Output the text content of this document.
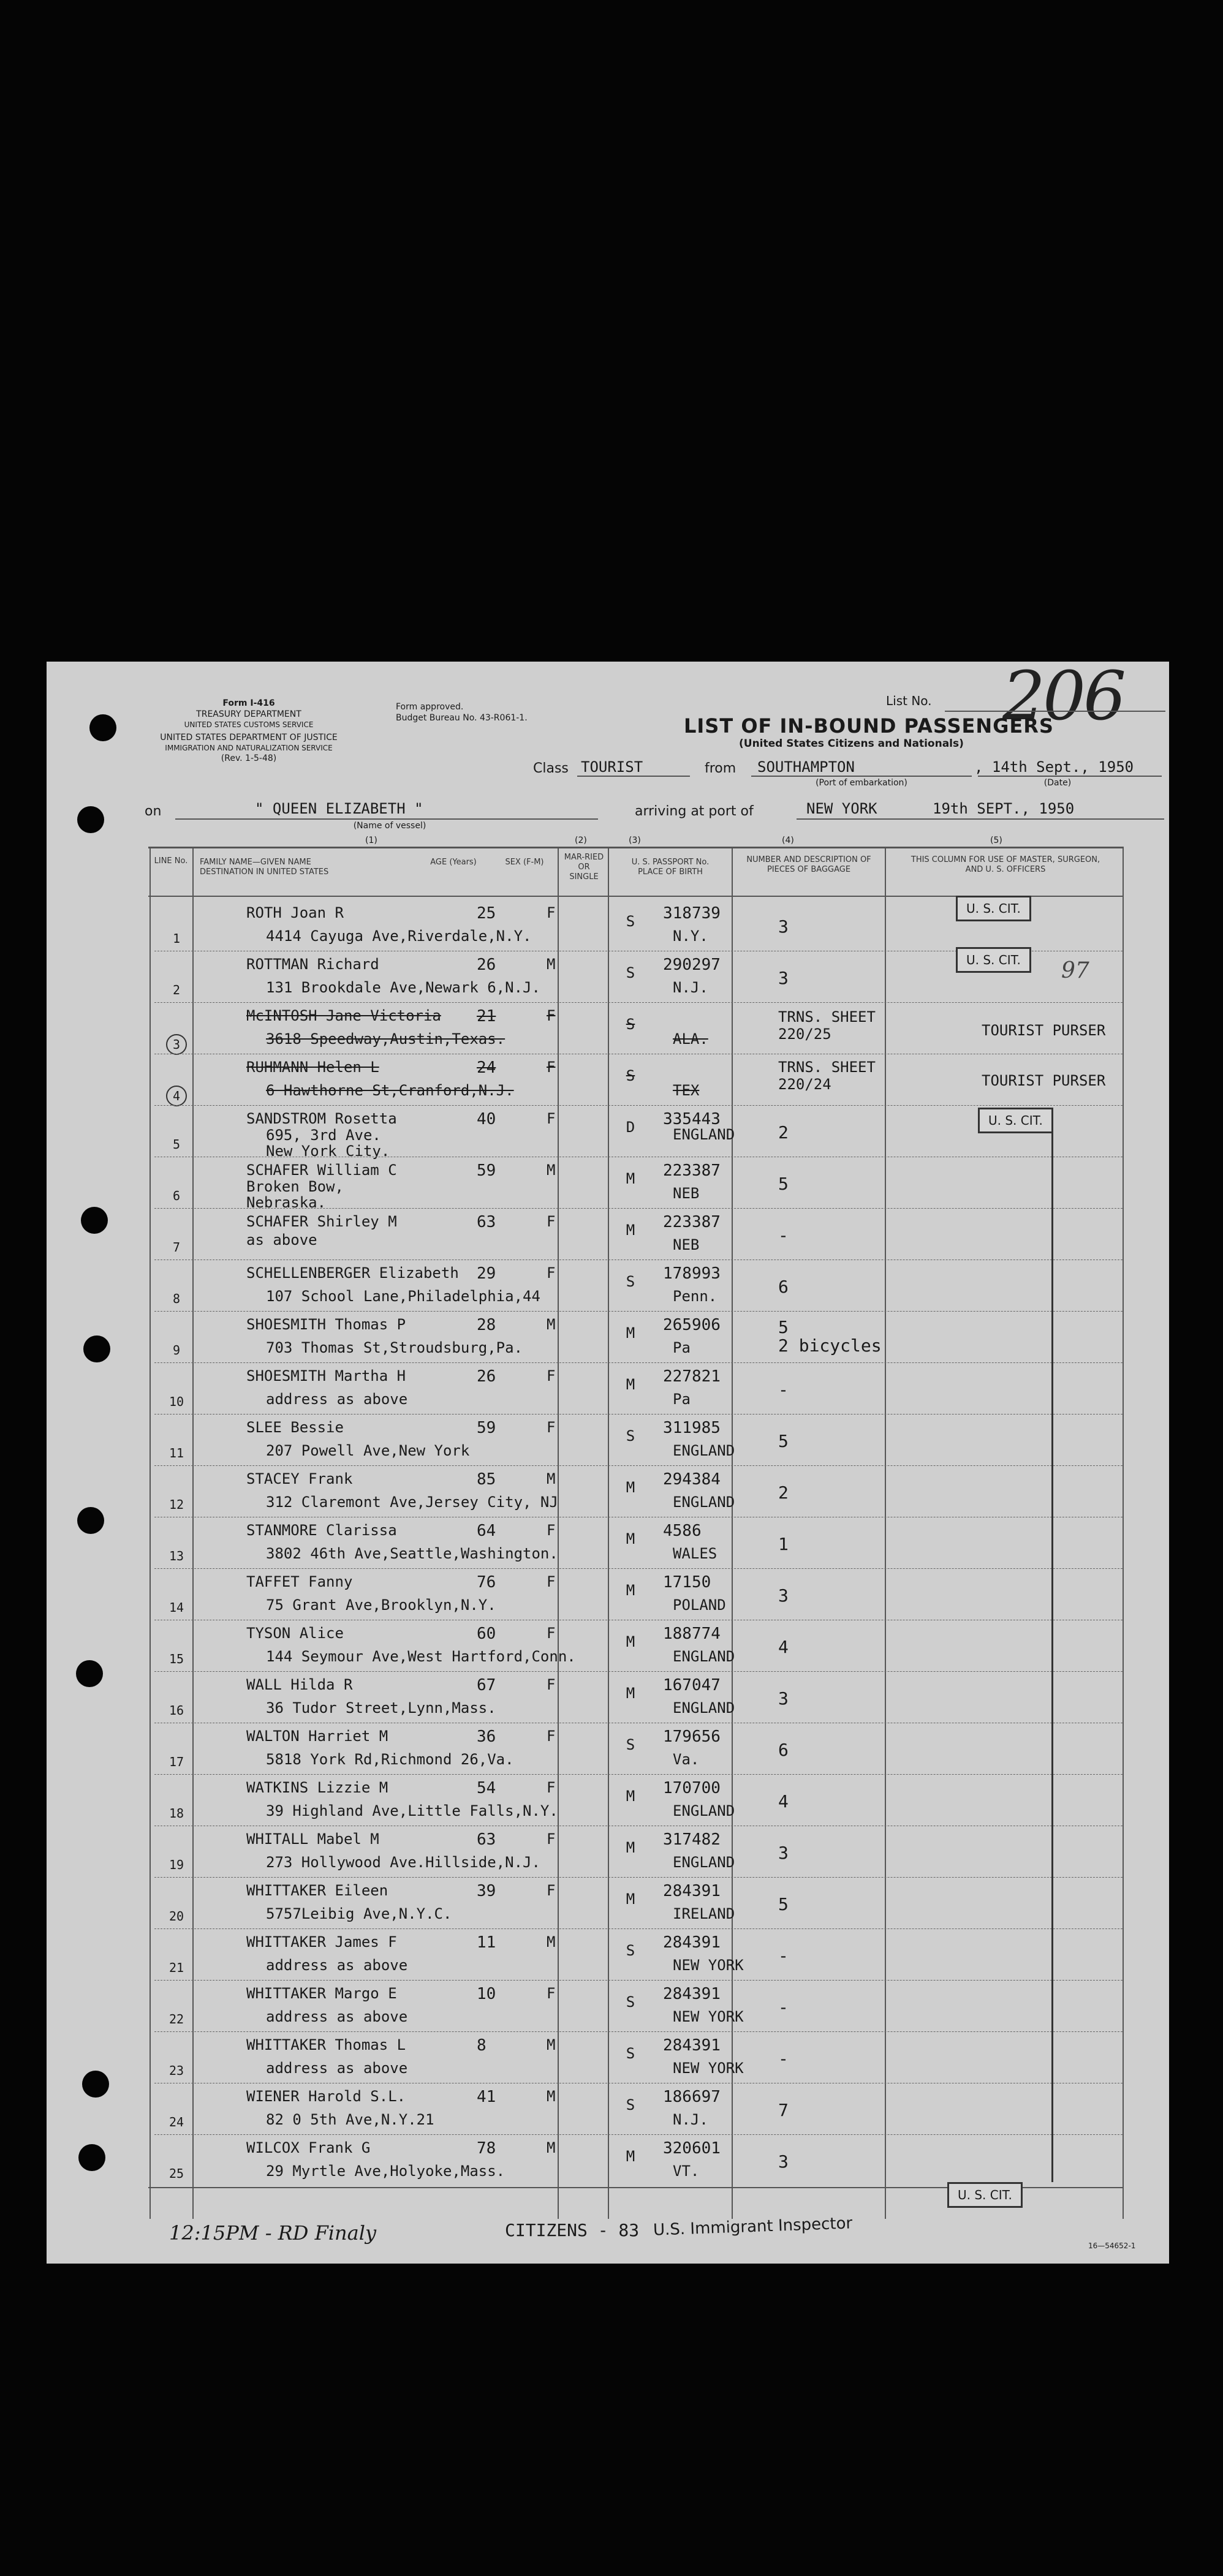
Form I-416
TREASURY DEPARTMENT
UNITED STATES CUSTOMS SERVICE
UNITED STATES DEPARTMENT OF JUSTICE
IMMIGRATION AND NATURALIZATION SERVICE
(Rev. 1-5-48)
Form approved.
Budget Bureau No. 43-R061-1.
List No. 206
LIST OF IN-BOUND PASSENGERS
(United States Citizens and Nationals)
Class TOURIST	from SOUTHAMPTON
(Port of embarkation)
, 14th Sept., 1950
(Date)
on	" QUEEN ELIZABETH "
(Name of vessel)
arriving at port of	NEW YORK	19th SEPT., 1950
(1)	(2)	(3)	(4)	(5)
LINE No.	FAMILY NAME—GIVEN NAME
DESTINATION IN UNITED STATES
AGE (Years)	SEX (F-M)
MAR-RIED OR SINGLE
U. S. PASSPORT No.
PLACE OF BIRTH
NUMBER AND DESCRIPTION OF PIECES OF BAGGAGE
THIS COLUMN FOR USE OF MASTER, SURGEON, AND U. S. OFFICERS
1
ROTH Joan R
4414 Cayuga Ave,Riverdale,N.Y.
25	F	S	318739
N.Y.	3
2
ROTTMAN Richard
131 Brookdale Ave,Newark 6,N.J.
26	M	S	290297
N.J.	3
3
McINTOSH Jane Victoria
3618 Speedway,Austin,Texas.
21	F	S
ALA.
TRNS. SHEET 220/25	TOURIST PURSER
4
RUHMANN Helen L
6 Hawthorne St,Cranford,N.J.
24	F	S
TEX
TRNS. SHEET 220/24	TOURIST PURSER
5
SANDSTROM Rosetta
695, 3rd Ave. New York City.
40	F	D	335443
ENGLAND	2
6
SCHAFER William C
Broken Bow, Nebraska.
59	M	M	223387
NEB	5
7
SCHAFER Shirley M
as above
63	F	M	223387
NEB	-
8
SCHELLENBERGER Elizabeth
107 School Lane,Philadelphia,44
29	F	S	178993
Penn.	6
9
SHOESMITH Thomas P
703 Thomas St,Stroudsburg,Pa.
28	M	M	265906
Pa
5
2 bicycles
10
SHOESMITH Martha H
address as above
26	F	M	227821
Pa	-
11
SLEE Bessie
207 Powell Ave,New York
59	F	S	311985
ENGLAND	5
12
STACEY Frank
312 Claremont Ave,Jersey City, NJ
85	M	M	294384
ENGLAND	2
13
STANMORE Clarissa
3802 46th Ave,Seattle,Washington.
64	F	M	4586
WALES	1
14
TAFFET Fanny
75 Grant Ave,Brooklyn,N.Y.
76	F	M	17150
POLAND	3
15
TYSON Alice
144 Seymour Ave,West Hartford,Conn.
60	F	M	188774
ENGLAND	4
16
WALL Hilda R
36 Tudor Street,Lynn,Mass.
67	F	M	167047
ENGLAND	3
17
WALTON Harriet M
5818 York Rd,Richmond 26,Va.
36	F	S	179656
Va.	6
18
WATKINS Lizzie M
39 Highland Ave,Little Falls,N.Y.
54	F	M	170700
ENGLAND	4
19
WHITALL Mabel M
273 Hollywood Ave.Hillside,N.J.
63	F	M	317482
ENGLAND	3
20
WHITTAKER Eileen
5757Leibig Ave,N.Y.C.
39	F	M	284391
IRELAND	5
21
WHITTAKER James F
address as above
11	M	S	284391
NEW YORK -
22
WHITTAKER Margo E
address as above
10	F	S	284391
NEW YORK -
23
WHITTAKER Thomas L
address as above
8	M	S	284391
NEW YORK -
24
WIENER Harold S.L.
82 0 5th Ave,N.Y.21
41	M	S	186697
N.J.	7
25
WILCOX Frank G
29 Myrtle Ave,Holyoke,Mass.
78	M	M	320601
VT.	3
U. S. CIT.
U. S. CIT.
U. S. CIT.
U. S. CIT.
97
12:15PM - RD Finaly	CITIZENS - 83 U.S. Immigrant Inspector
16—54652-1
